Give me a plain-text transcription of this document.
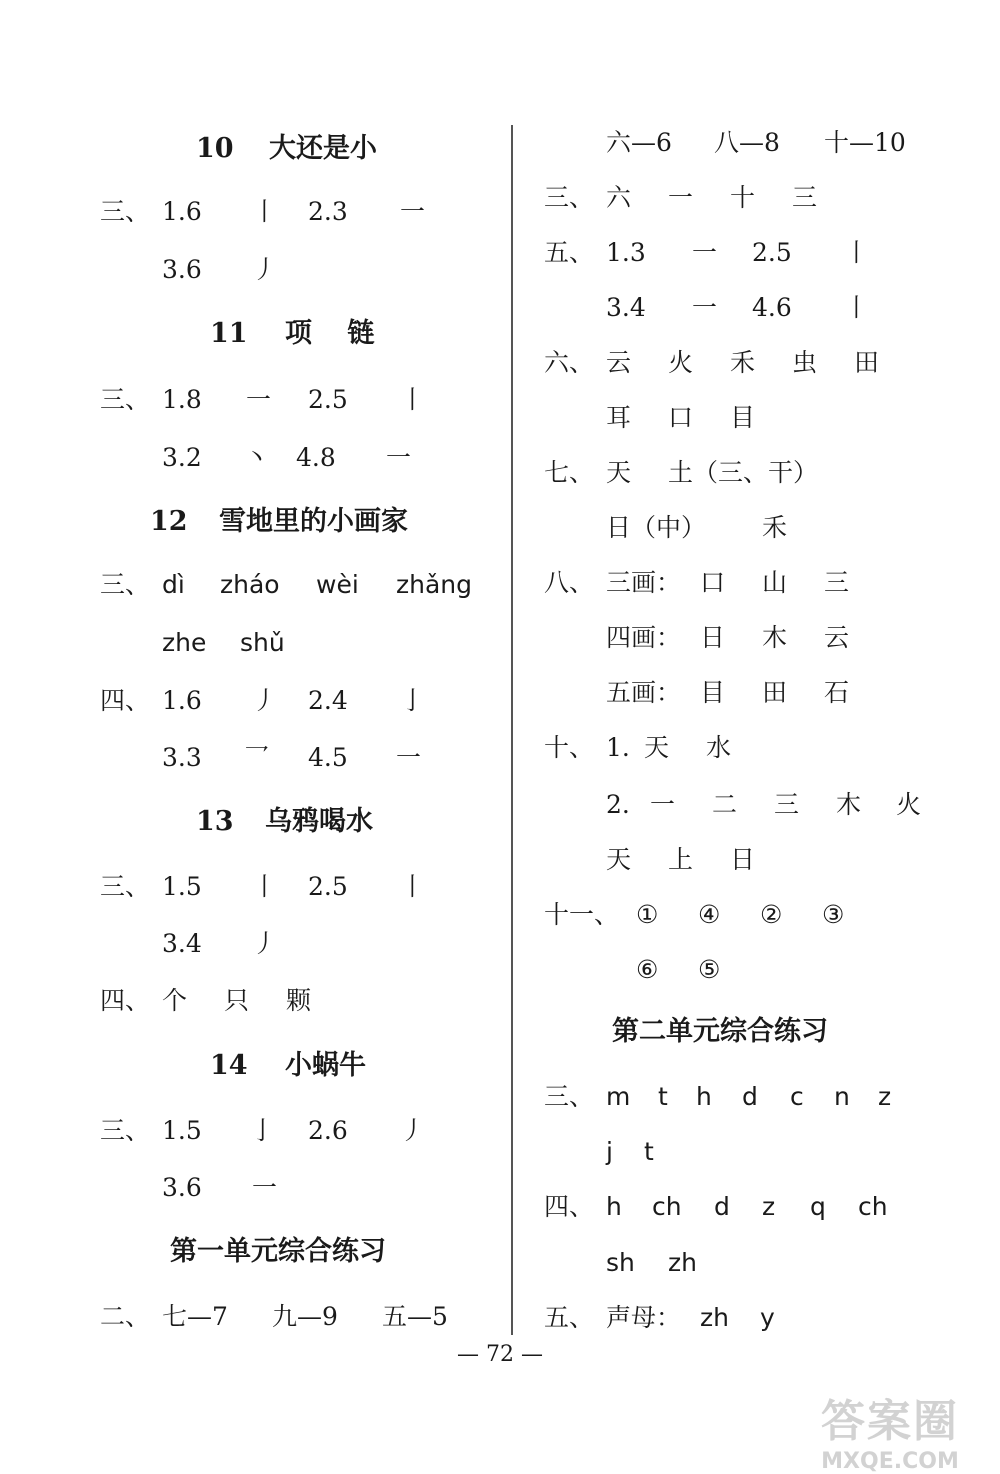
10 大还是小
三、 1.6 丨 2.3 一
3.6 丿
11 项 链
三、 1.8 一 2.5 丨
3.2 丶 4.8 一
12 雪地里的小画家
三、 dì zháo wèi zhǎng
zhe shǔ
四、 1.6 丿 2.4 亅
3.3 乛 4.5 一
13 乌鸦喝水
三、 1.5 丨 2.5 丨
3.4 丿
四、 个 只 颗
14 小蜗牛
三、 1.5 亅 2.6 丿
3.6 一
第一单元综合练习
二、 七—7 九—9 五—5
六—6 八—8 十—10
三、 六 一 十 三
五、 1.3 一 2.5 丨
3.4 一 4.6 丨
六、 云 火 禾 虫 田
耳 口 目
七、 天 土（三、干）
日（中） 禾
八、 三画： 口 山 三
四画： 日 木 云
五画： 目 田 石
十、 1. 天 水
2. 一 二 三 木 火
天 上 日
十一、 ① ④ ② ③
⑥ ⑤
第二单元综合练习
三、 m t h d c n z
j t
四、 h ch d z q ch
sh zh
五、 声母： zh y
— 72 —
答案圈
MXQE.COM
